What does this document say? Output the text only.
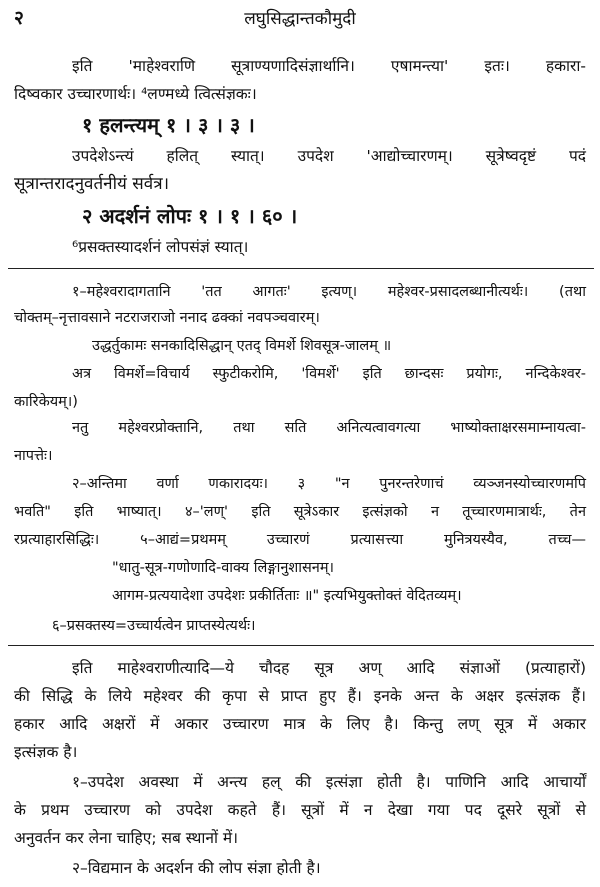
२	लघुसिद्धान्तकौमुदी
इति 'माहेश्वराणि सूत्राण्यणादिसंज्ञार्थानि। एषामन्त्या' इतः। हकारा-
दिष्वकार उच्चारणार्थः। ⁴लण्मध्ये त्वित्संज्ञकः।
१ हलन्त्यम् १ । ३ । ३ ।
उपदेशेऽन्त्यं हलित् स्यात्। उपदेश 'आद्योच्चारणम्। सूत्रेष्वदृष्टं पदं
सूत्रान्तरादनुवर्तनीयं सर्वत्र।
२ अदर्शनं लोपः १ । १ । ६० ।
⁶प्रसक्तस्यादर्शनं लोपसंज्ञं स्यात्।
१–महेश्वरादागतानि 'तत आगतः' इत्यण्। महेश्वर-प्रसादलब्धानीत्यर्थः। (तथा
चोक्तम्–नृत्तावसाने नटराजराजो ननाद ढक्कां नवपञ्चवारम्।
उद्धर्तुकामः सनकादिसिद्धान् एतद् विमर्शे शिवसूत्र-जालम् ॥
अत्र विमर्शे=विचार्य स्फुटीकरोमि, 'विमर्शे' इति छान्दसः प्रयोगः, नन्दिकेश्वर-
कारिकेयम्।)
नतु महेश्वरप्रोक्तानि, तथा सति अनित्यत्वावगत्या भाष्योक्ताक्षरसमाम्नायत्वा-
नापत्तेः।
२–अन्तिमा वर्णा णकारादयः। ३ "न पुनरन्तरेणाचं व्यञ्जनस्योच्चारणमपि
भवति" इति भाष्यात्। ४–'लण्' इति सूत्रेऽकार इत्संज्ञको न तूच्चारणमात्रार्थः, तेन
रप्रत्याहारसिद्धिः। ५–आद्यं=प्रथमम् उच्चारणं प्रत्यासत्त्या मुनित्रयस्यैव, तच्च—
"धातु-सूत्र-गणोणादि-वाक्य लिङ्गानुशासनम्।
आगम-प्रत्ययादेशा उपदेशः प्रकीर्तिताः ॥" इत्यभियुक्तोक्तं वेदितव्यम्।
६–प्रसक्तस्य=उच्चार्यत्वेन प्राप्तस्येत्यर्थः।
इति माहेश्वराणीत्यादि—ये चौदह सूत्र अण् आदि संज्ञाओं (प्रत्याहारों)
की सिद्धि के लिये महेश्वर की कृपा से प्राप्त हुए हैं। इनके अन्त के अक्षर इत्संज्ञक हैं।
हकार आदि अक्षरों में अकार उच्चारण मात्र के लिए है। किन्तु लण् सूत्र में अकार
इत्संज्ञक है।
१–उपदेश अवस्था में अन्त्य हल् की इत्संज्ञा होती है। पाणिनि आदि आचार्यों
के प्रथम उच्चारण को उपदेश कहते हैं। सूत्रों में न देखा गया पद दूसरे सूत्रों से
अनुवर्तन कर लेना चाहिए; सब स्थानों में।
२–विद्यमान के अदर्शन की लोप संज्ञा होती है।
